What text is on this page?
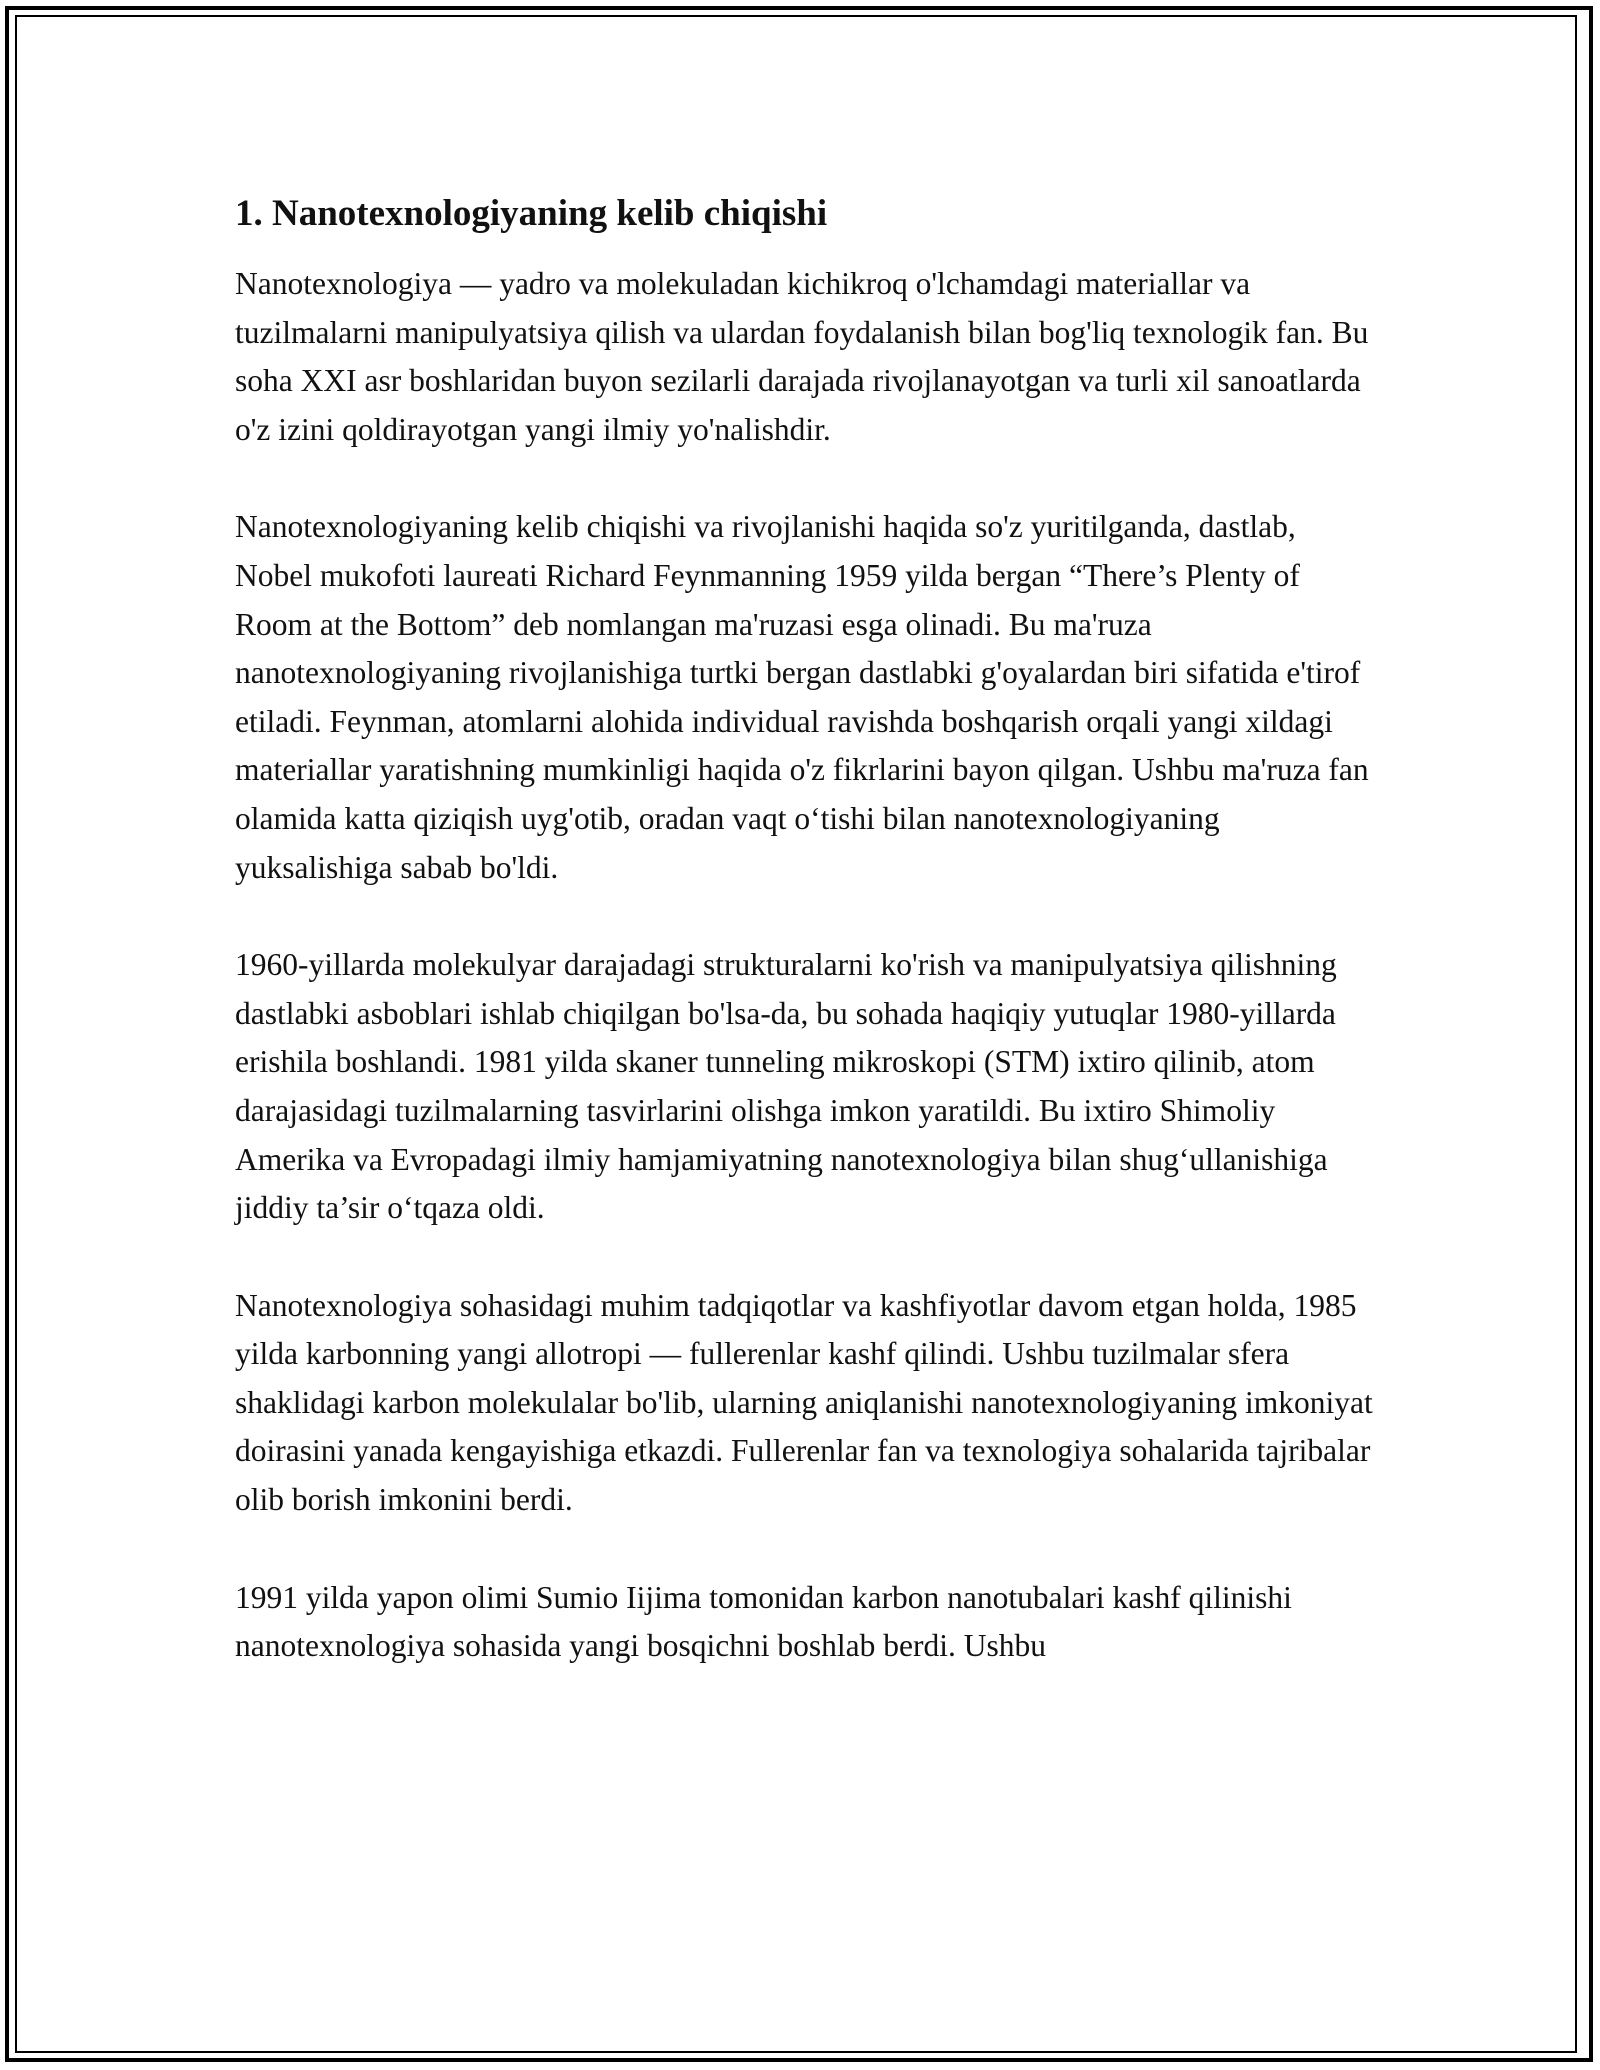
1. Nanotexnologiyaning kelib chiqishi

Nanotexnologiya — yadro va molekuladan kichikroq o'lchamdagi materiallar va tuzilmalarni manipulyatsiya qilish va ulardan foydalanish bilan bog'liq texnologik fan. Bu soha XXI asr boshlaridan buyon sezilarli darajada rivojlanayotgan va turli xil sanoatlarda o'z izini qoldirayotgan yangi ilmiy yo'nalishdir.

Nanotexnologiyaning kelib chiqishi va rivojlanishi haqida so'z yuritilganda, dastlab, Nobel mukofoti laureati Richard Feynmanning 1959 yilda bergan “There’s Plenty of Room at the Bottom” deb nomlangan ma'ruzasi esga olinadi. Bu ma'ruza nanotexnologiyaning rivojlanishiga turtki bergan dastlabki g'oyalardan biri sifatida e'tirof etiladi. Feynman, atomlarni alohida individual ravishda boshqarish orqali yangi xildagi materiallar yaratishning mumkinligi haqida o'z fikrlarini bayon qilgan. Ushbu ma'ruza fan olamida katta qiziqish uyg'otib, oradan vaqt o‘tishi bilan nanotexnologiyaning yuksalishiga sabab bo'ldi.

1960-yillarda molekulyar darajadagi strukturalarni ko'rish va manipulyatsiya qilishning dastlabki asboblari ishlab chiqilgan bo'lsa-da, bu sohada haqiqiy yutuqlar 1980-yillarda erishila boshlandi. 1981 yilda skaner tunneling mikroskopi (STM) ixtiro qilinib, atom darajasidagi tuzilmalarning tasvirlarini olishga imkon yaratildi. Bu ixtiro Shimoliy Amerika va Evropadagi ilmiy hamjamiyatning nanotexnologiya bilan shug‘ullanishiga jiddiy ta’sir o‘tqaza oldi.

Nanotexnologiya sohasidagi muhim tadqiqotlar va kashfiyotlar davom etgan holda, 1985 yilda karbonning yangi allotropi — fullerenlar kashf qilindi. Ushbu tuzilmalar sfera shaklidagi karbon molekulalar bo'lib, ularning aniqlanishi nanotexnologiyaning imkoniyat doirasini yanada kengayishiga etkazdi. Fullerenlar fan va texnologiya sohalarida tajribalar olib borish imkonini berdi.

1991 yilda yapon olimi Sumio Iijima tomonidan karbon nanotubalari kashf qilinishi nanotexnologiya sohasida yangi bosqichni boshlab berdi. Ushbu
